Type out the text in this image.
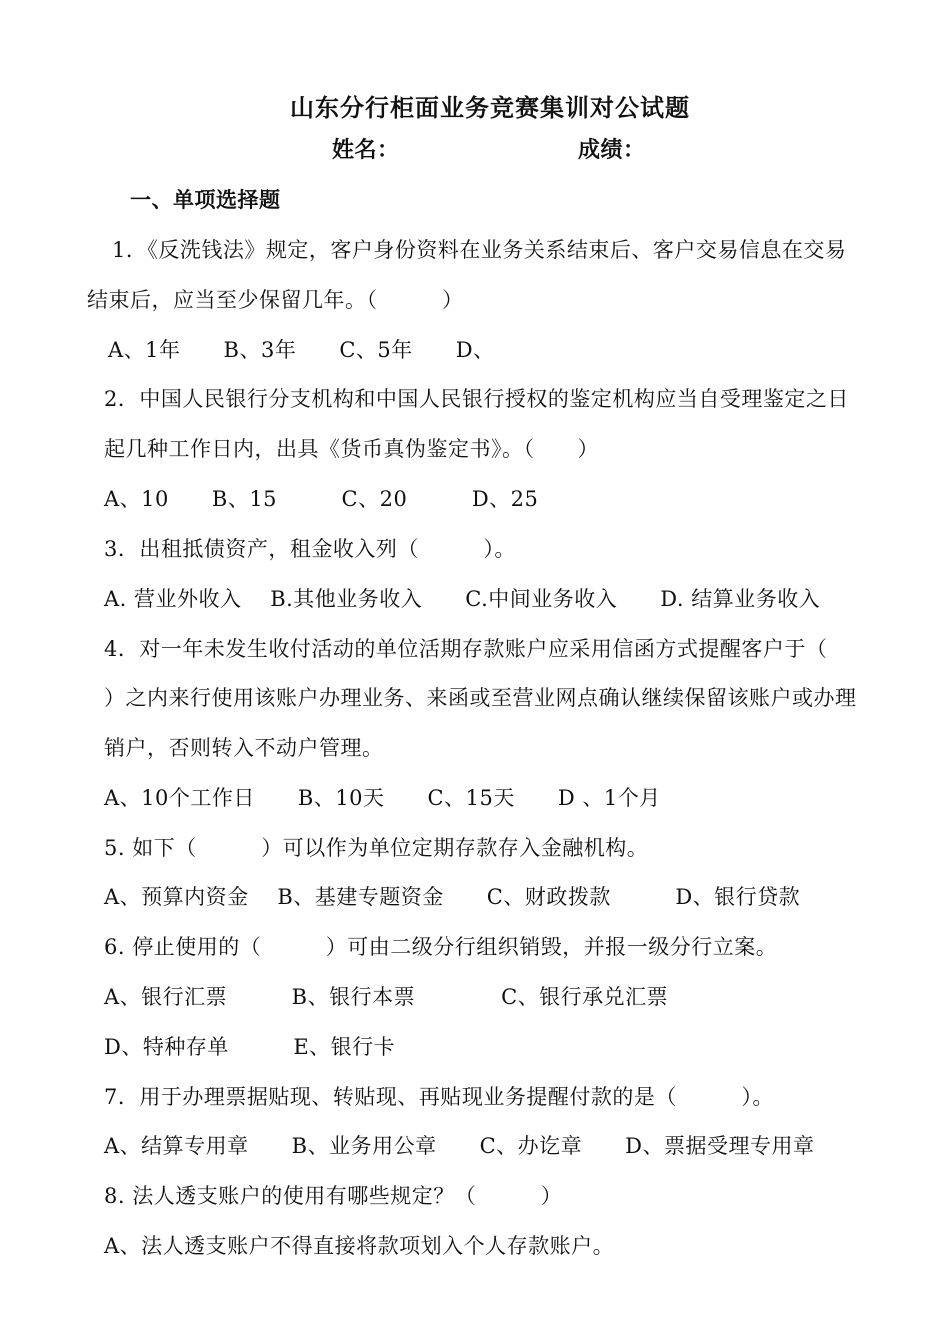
山东分行柜面业务竞赛集训对公试题
姓名：	成绩：
一、单项选择题
1．《反洗钱法》规定，客户身份资料在业务关系结束后、客户交易信息在交易
结束后，应当至少保留几年。（　　　）
A、1年　　B、3年　　C、5年　　D、
2．中国人民银行分支机构和中国人民银行授权的鉴定机构应当自受理鉴定之日
起几种工作日内，出具《货币真伪鉴定书》。（　　）
A、10　　B、15　　　C、20　　　D、25
3．出租抵债资产，租金收入列（　　　）。
A. 营业外收入　 B.其他业务收入　　C.中间业务收入　　D. 结算业务收入
4．对一年未发生收付活动的单位活期存款账户应采用信函方式提醒客户于（
）之内来行使用该账户办理业务、来函或至营业网点确认继续保留该账户或办理
销户，否则转入不动户管理。
A、10个工作日　　B、10天　　C、15天　　D 、1个月
5. 如下（　　　）可以作为单位定期存款存入金融机构。
A、预算内资金　 B、基建专题资金　　C、财政拨款　　　D、银行贷款
6. 停止使用的（　　　）可由二级分行组织销毁，并报一级分行立案。
A、银行汇票　　　B、银行本票　　　　C、银行承兑汇票
D、特种存单　　　E、银行卡
7．用于办理票据贴现、转贴现、再贴现业务提醒付款的是（　　　）。
A、结算专用章　　B、业务用公章　　C、办讫章　　D、票据受理专用章
8. 法人透支账户的使用有哪些规定？（　　　）
A、法人透支账户不得直接将款项划入个人存款账户。
